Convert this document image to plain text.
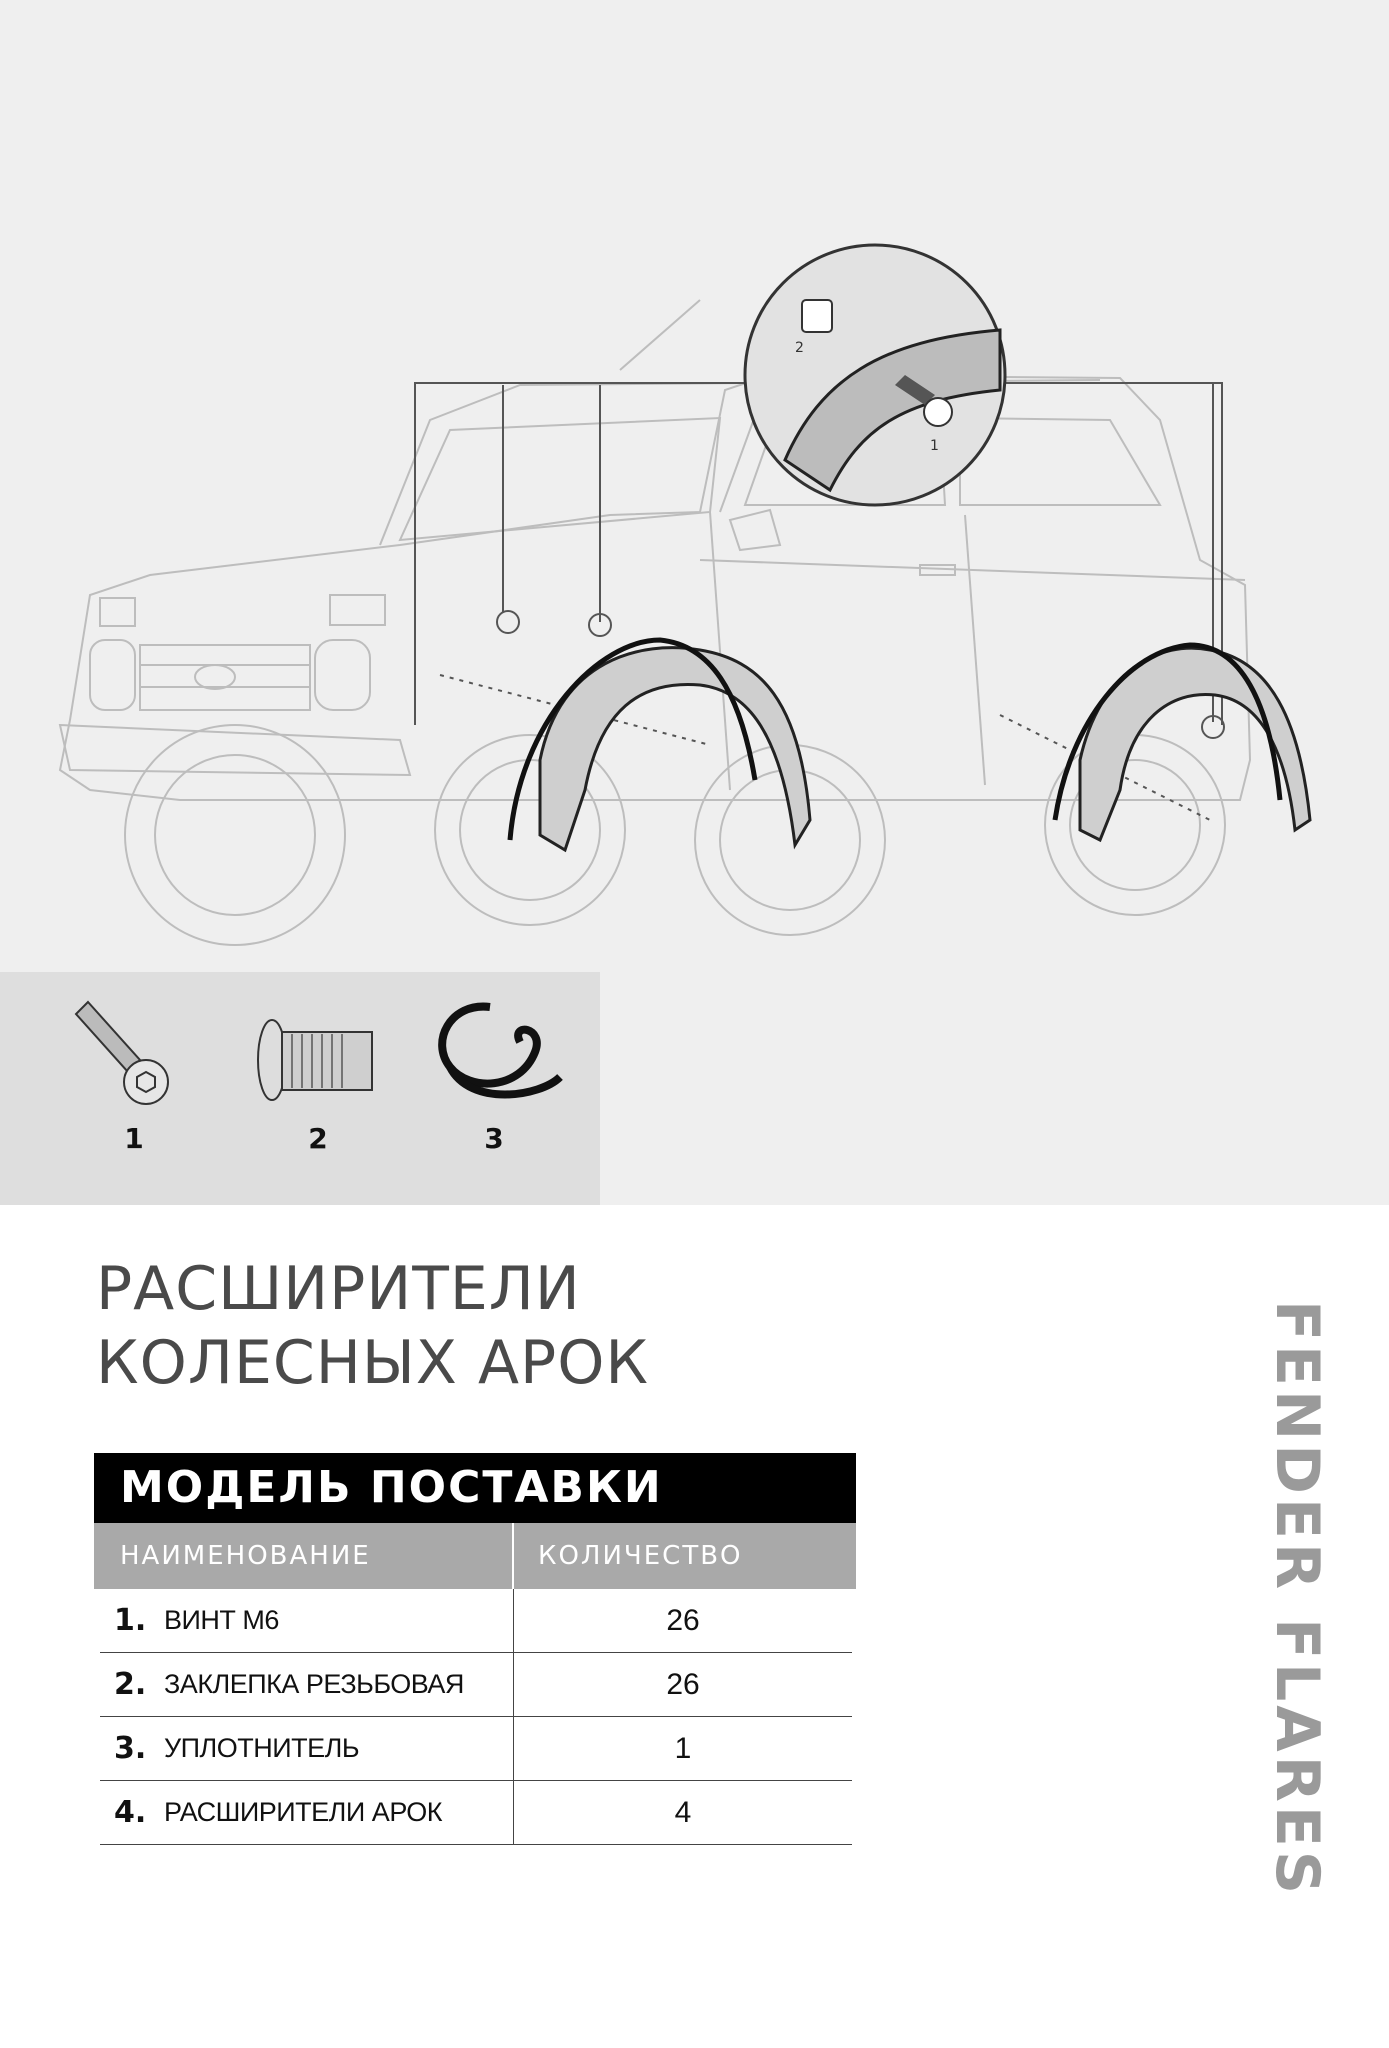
2
1
1	2	3
РАСШИРИТЕЛИ
КОЛЕСНЫХ АРОК	FENDER FLARES
МОДЕЛЬ ПОСТАВКИ
НАИМЕНОВАНИЕ	КОЛИЧЕСТВО
1. ВИНТ М6	26
2. ЗАКЛЕПКА РЕЗЬБОВАЯ	26
3. УПЛОТНИТЕЛЬ	1
4. РАСШИРИТЕЛИ АРОК	4
